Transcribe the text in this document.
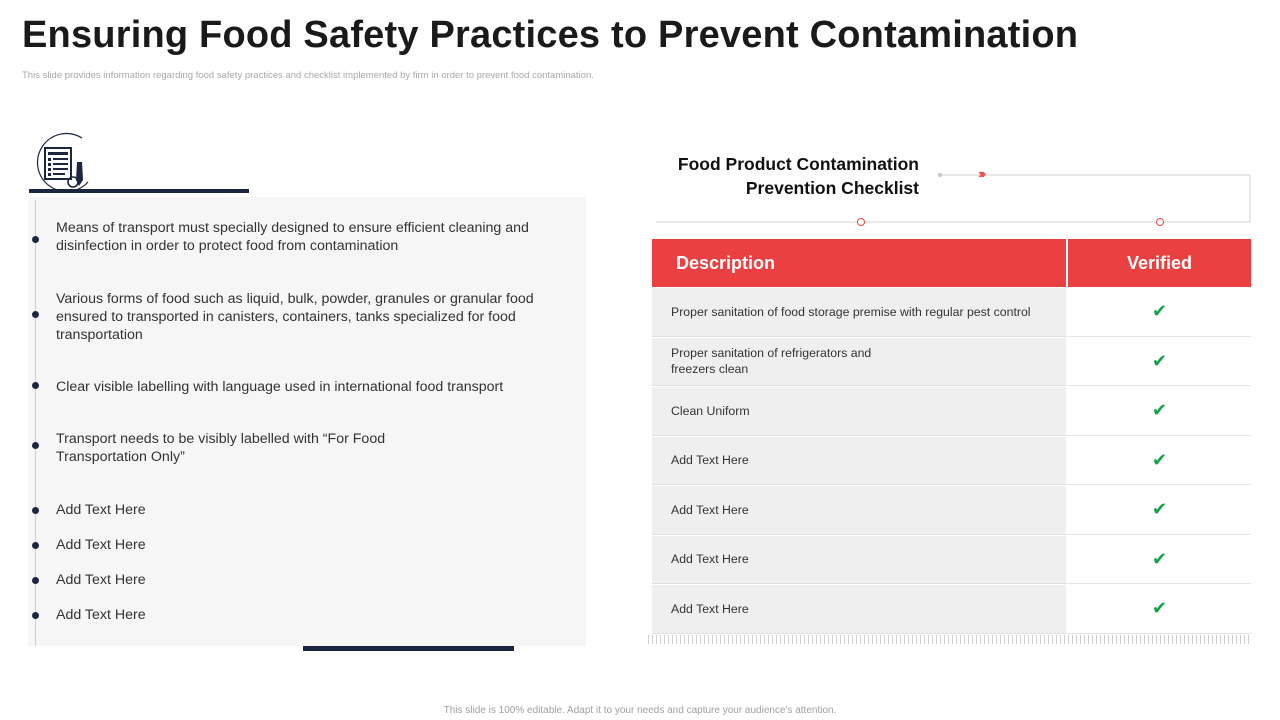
Ensuring Food Safety Practices to Prevent Contamination
This slide provides information regarding food safety practices and checklist implemented by firm in order to prevent food contamination.
Means of transport must specially designed to ensure efficient cleaning and disinfection in order to protect food from contamination
Various forms of food such as liquid, bulk, powder, granules or granular food ensured to transported in canisters, containers, tanks specialized for food transportation
Clear visible labelling with language used in international food transport
Transport needs to be visibly labelled with “For Food Transportation Only”
Add Text Here
Add Text Here
Add Text Here
Add Text Here
Food Product Contamination
Prevention Checklist
››››
Description	Verified
Proper sanitation of food storage premise with regular pest control	✔
Proper sanitation of refrigerators and freezers clean	✔
Clean Uniform	✔
Add Text Here	✔
Add Text Here	✔
Add Text Here	✔
Add Text Here	✔
This slide is 100% editable. Adapt it to your needs and capture your audience's attention.
